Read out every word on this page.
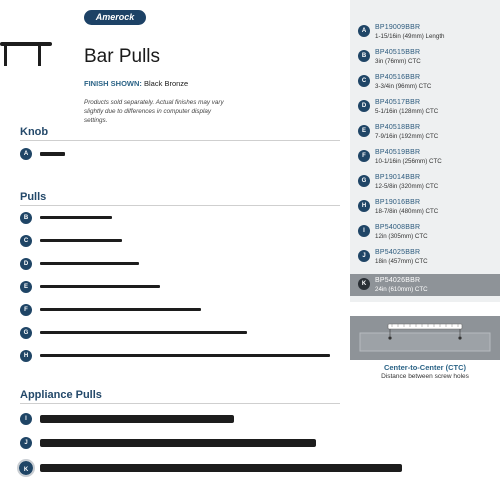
Amerock
Bar Pulls
FINISH SHOWN: Black Bronze
Products sold separately. Actual finishes may vary slightly due to differences in computer display settings.
Knob
A
Pulls
B
C
D
E
F
G
H
Appliance Pulls
I
J
K
A	BP19009BBR
1-15/16in (49mm) Length
B	BP40515BBR
3in (76mm) CTC
C	BP40516BBR
3-3/4in (96mm) CTC
D	BP40517BBR
5-1/16in (128mm) CTC
E	BP40518BBR
7-9/16in (192mm) CTC
F	BP40519BBR
10-1/16in (256mm) CTC
G	BP19014BBR
12-5/8in (320mm) CTC
H	BP19016BBR
18-7/8in (480mm) CTC
I	BP54008BBR
12in (305mm) CTC
J	BP54025BBR
18in (457mm) CTC
K	BP54026BBR
24in (610mm) CTC
Center-to-Center (CTC)
Distance between screw holes
